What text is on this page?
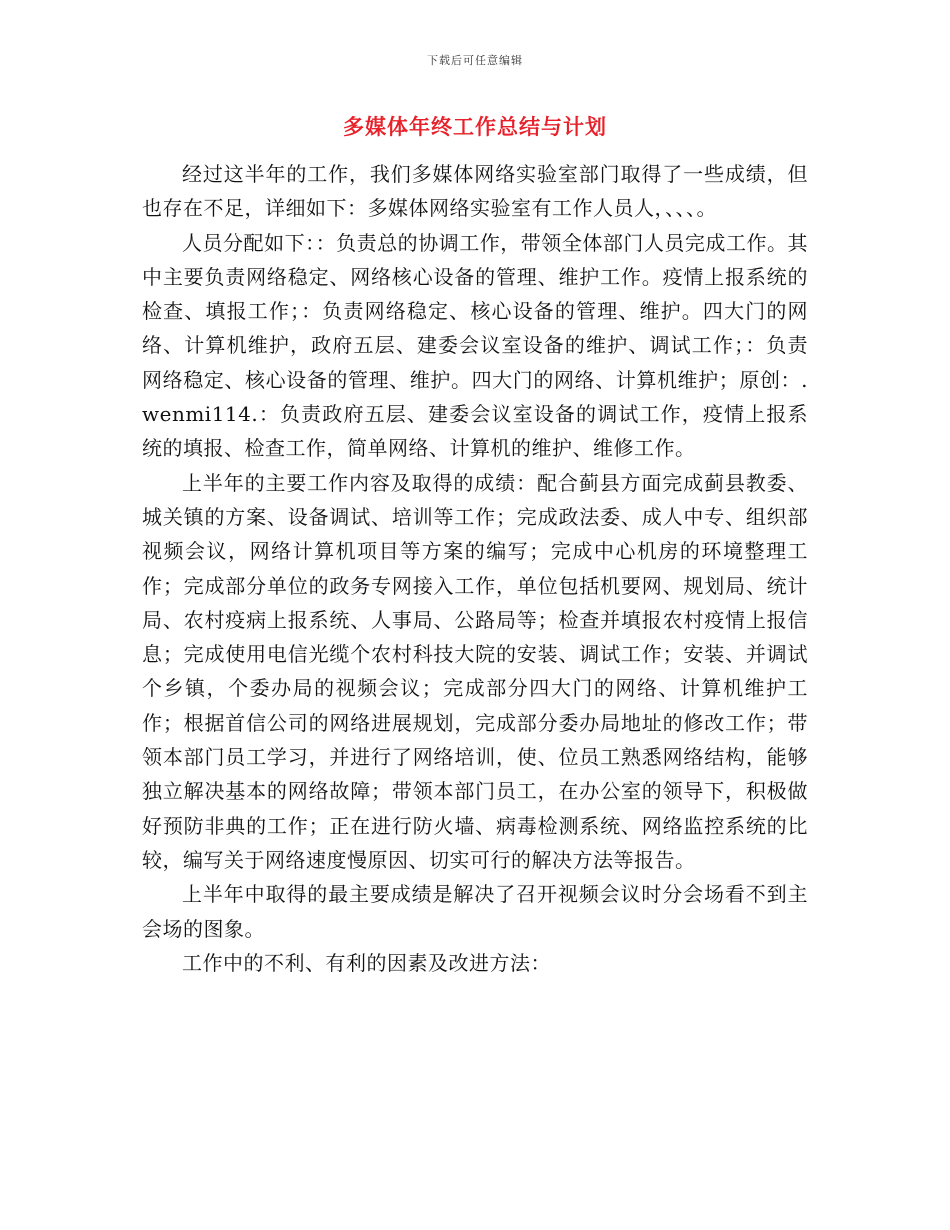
下载后可任意编辑
多媒体年终工作总结与计划

经过这半年的工作，我们多媒体网络实验室部门取得了一些成绩，但也存在不足，详细如下：多媒体网络实验室有工作人员人，、、、。

人员分配如下：：负责总的协调工作，带领全体部门人员完成工作。其中主要负责网络稳定、网络核心设备的管理、维护工作。疫情上报系统的检查、填报工作；：负责网络稳定、核心设备的管理、维护。四大门的网络、计算机维护，政府五层、建委会议室设备的维护、调试工作；：负责网络稳定、核心设备的管理、维护。四大门的网络、计算机维护；原创：.wenmi114.：负责政府五层、建委会议室设备的调试工作，疫情上报系统的填报、检查工作，简单网络、计算机的维护、维修工作。

上半年的主要工作内容及取得的成绩：配合蓟县方面完成蓟县教委、城关镇的方案、设备调试、培训等工作；完成政法委、成人中专、组织部视频会议，网络计算机项目等方案的编写；完成中心机房的环境整理工作；完成部分单位的政务专网接入工作，单位包括机要网、规划局、统计局、农村疫病上报系统、人事局、公路局等；检查并填报农村疫情上报信息；完成使用电信光缆个农村科技大院的安装、调试工作；安装、并调试个乡镇，个委办局的视频会议；完成部分四大门的网络、计算机维护工作；根据首信公司的网络进展规划，完成部分委办局地址的修改工作；带领本部门员工学习，并进行了网络培训，使、位员工熟悉网络结构，能够独立解决基本的网络故障；带领本部门员工，在办公室的领导下，积极做好预防非典的工作；正在进行防火墙、病毒检测系统、网络监控系统的比较，编写关于网络速度慢原因、切实可行的解决方法等报告。

上半年中取得的最主要成绩是解决了召开视频会议时分会场看不到主会场的图象。

工作中的不利、有利的因素及改进方法：
